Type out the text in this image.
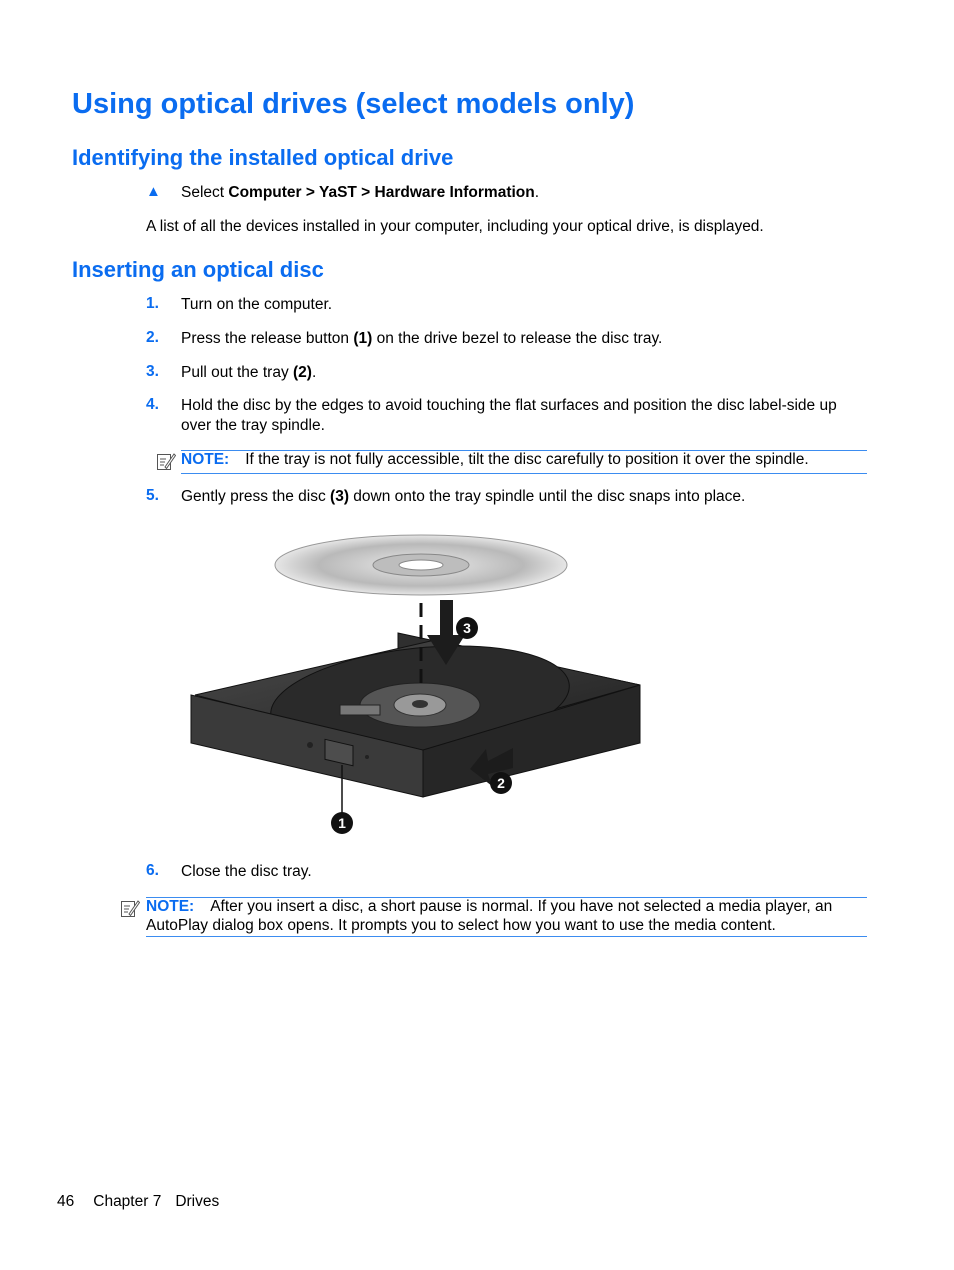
Using optical drives (select models only)
Identifying the installed optical drive
▲ Select Computer > YaST > Hardware Information.
A list of all the devices installed in your computer, including your optical drive, is displayed.
Inserting an optical disc
1. Turn on the computer.
2. Press the release button (1) on the drive bezel to release the disc tray.
3. Pull out the tray (2).
4. Hold the disc by the edges to avoid touching the flat surfaces and position the disc label-side up
over the tray spindle.
NOTE: If the tray is not fully accessible, tilt the disc carefully to position it over the spindle.
5. Gently press the disc (3) down onto the tray spindle until the disc snaps into place.
1
3
2
6. Close the disc tray.
NOTE: After you insert a disc, a short pause is normal. If you have not selected a media player, an
AutoPlay dialog box opens. It prompts you to select how you want to use the media content.
46 Chapter 7 Drives
